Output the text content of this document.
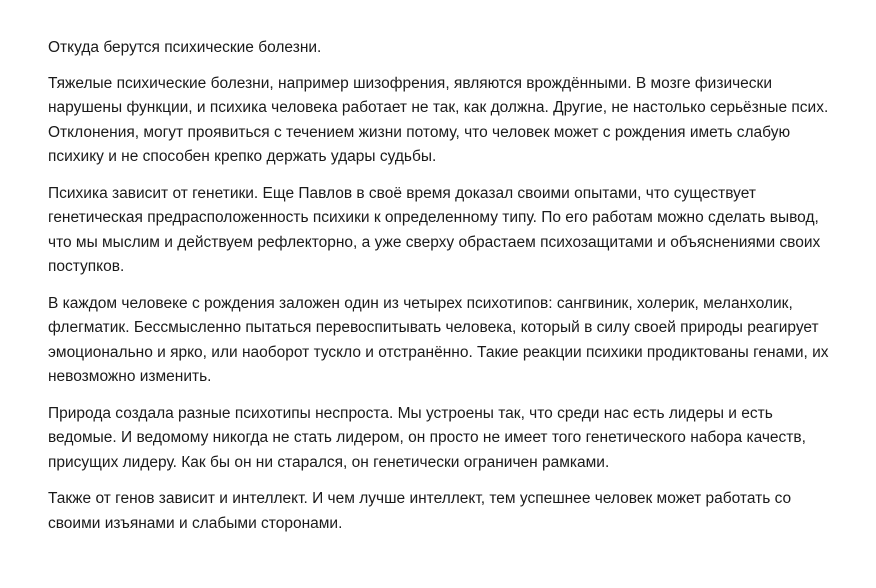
Откуда берутся психические болезни.

Тяжелые психические болезни, например шизофрения, являются врождёнными. В мозге физически нарушены функции, и психика человека работает не так, как должна. Другие, не настолько серьёзные псих. Отклонения, могут проявиться с течением жизни потому, что человек может с рождения иметь слабую психику и не способен крепко держать удары судьбы.

Психика зависит от генетики. Еще Павлов в своё время доказал своими опытами, что существует генетическая предрасположенность психики к определенному типу. По его работам можно сделать вывод, что мы мыслим и действуем рефлекторно, а уже сверху обрастаем психозащитами и объяснениями своих поступков.

В каждом человеке с рождения заложен один из четырех психотипов: сангвиник, холерик, меланхолик, флегматик. Бессмысленно пытаться перевоспитывать человека, который в силу своей природы реагирует эмоционально и ярко, или наоборот тускло и отстранённо. Такие реакции психики продиктованы генами, их невозможно изменить.

Природа создала разные психотипы неспроста. Мы устроены так, что среди нас есть лидеры и есть ведомые. И ведомому никогда не стать лидером, он просто не имеет того генетического набора качеств, присущих лидеру. Как бы он ни старался, он генетически ограничен рамками.

Также от генов зависит и интеллект. И чем лучше интеллект, тем успешнее человек может работать со своими изъянами и слабыми сторонами.
